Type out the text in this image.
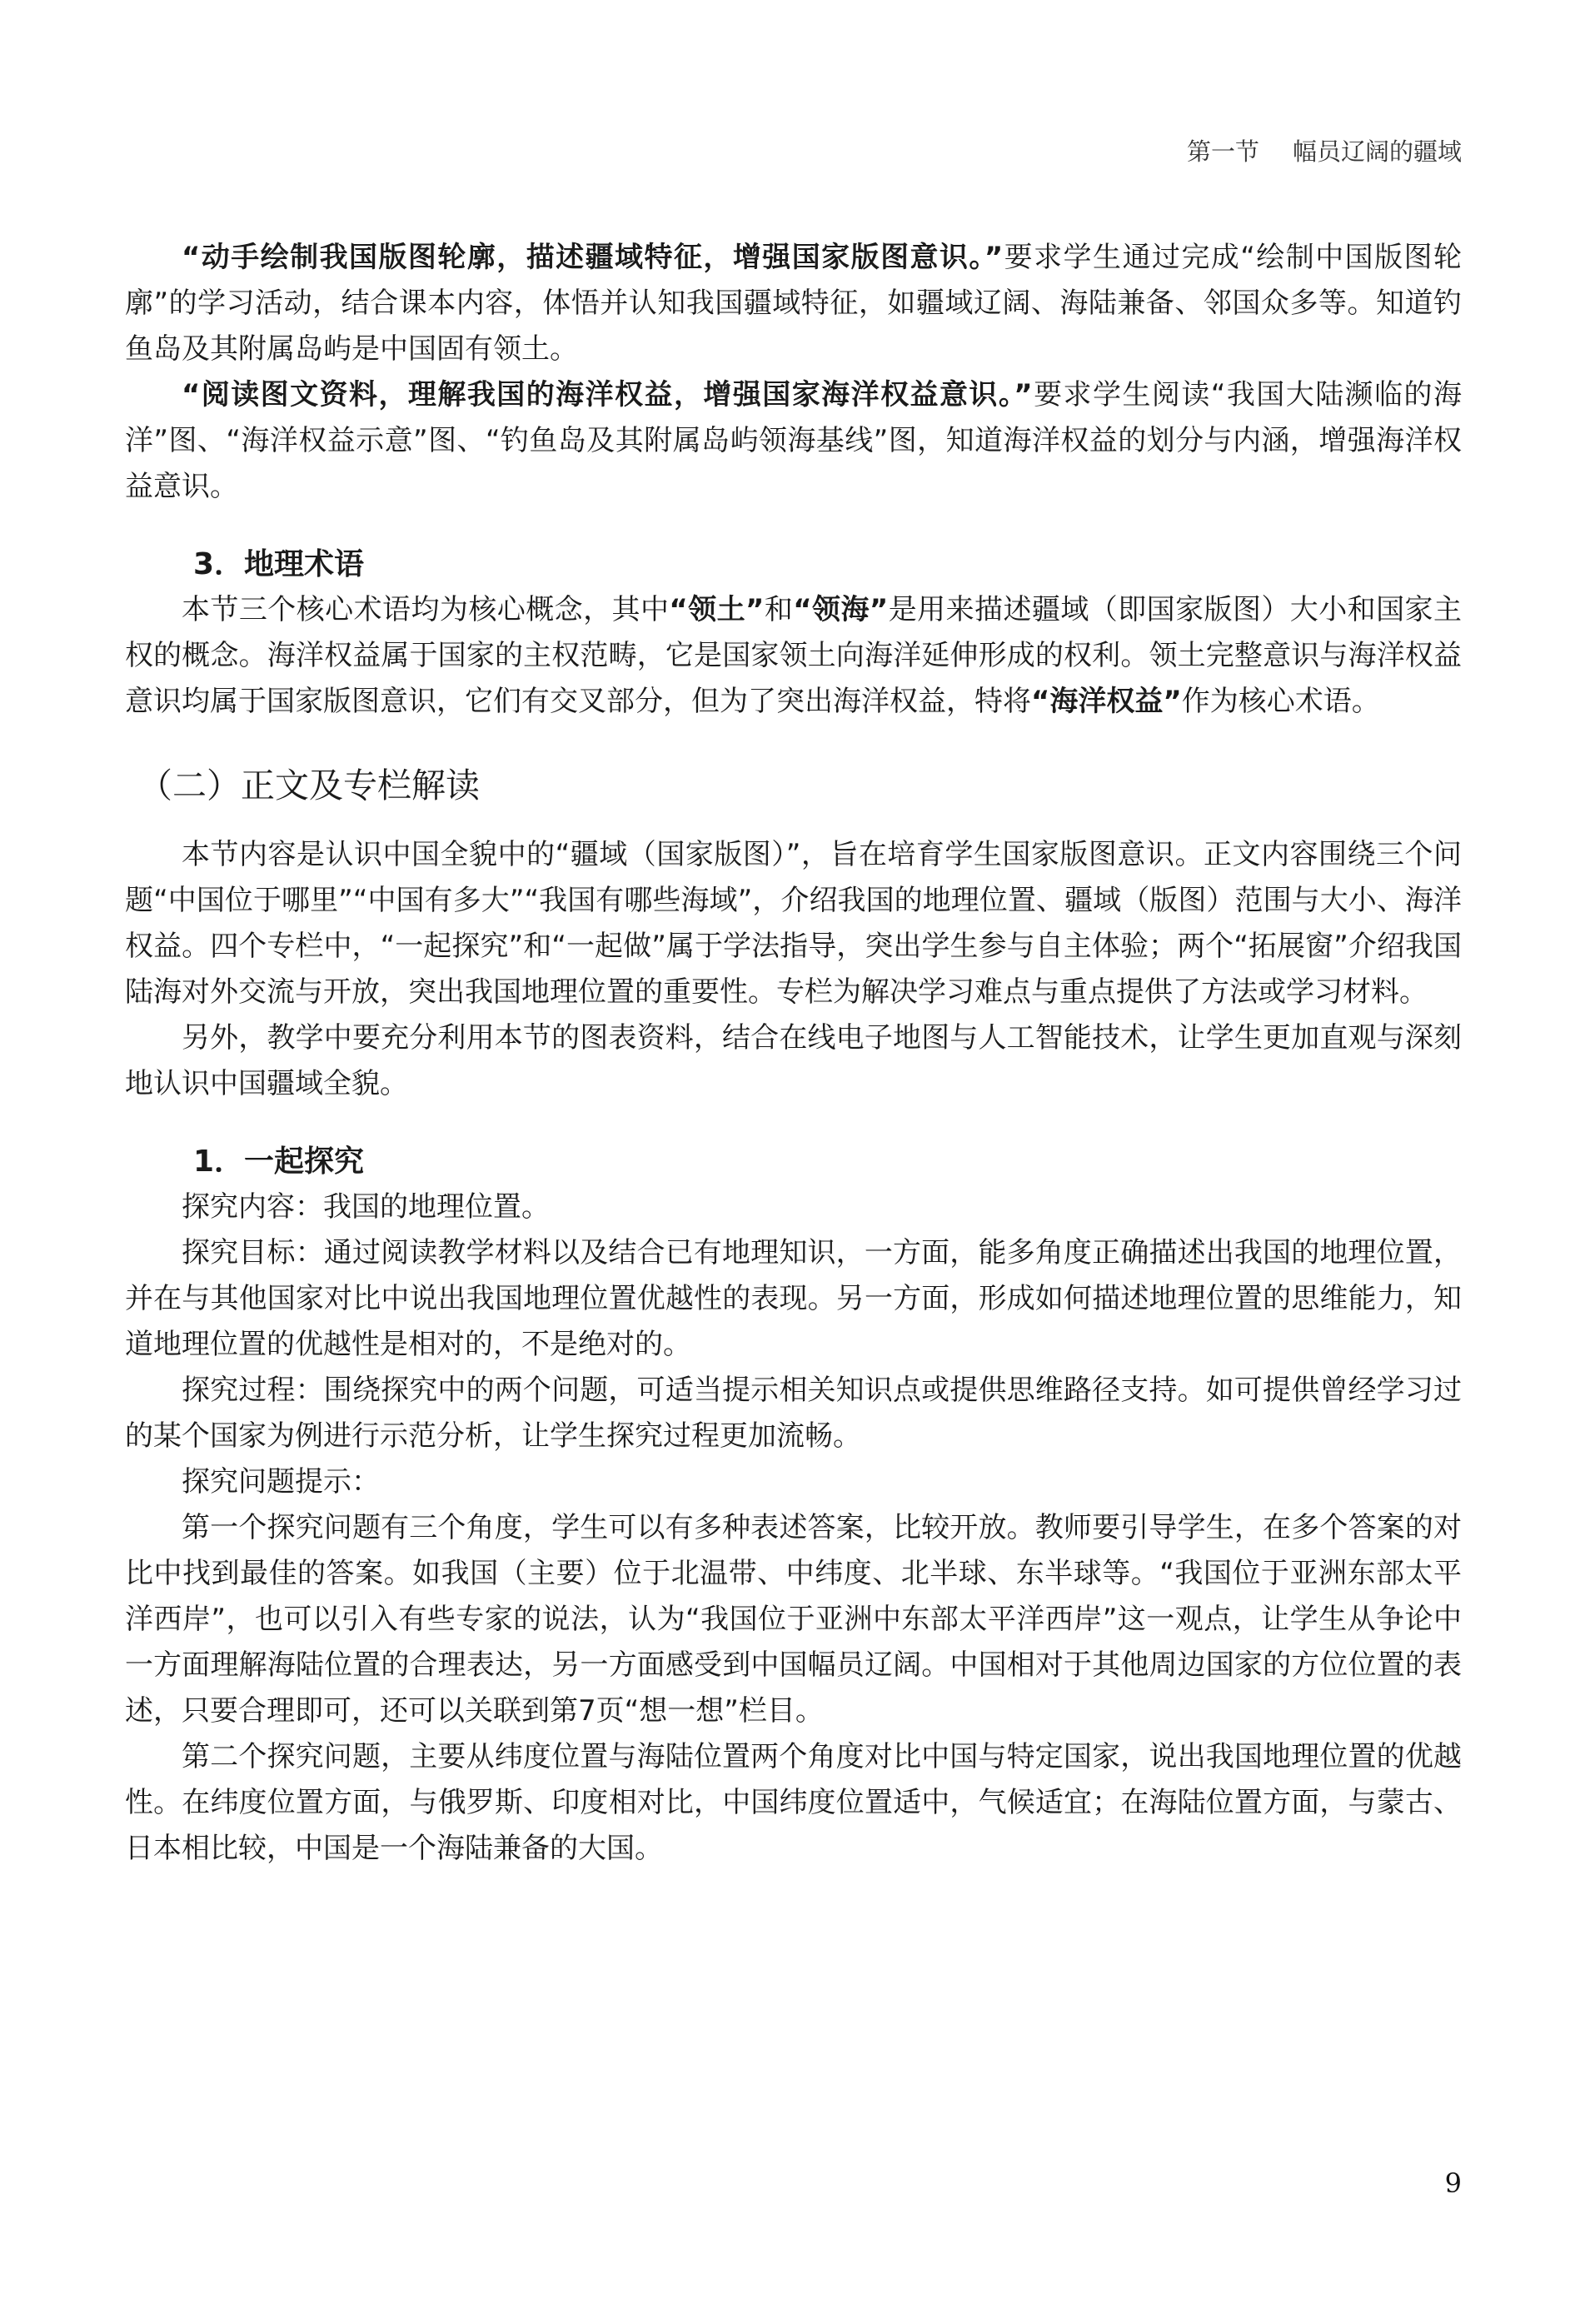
第一节 幅员辽阔的疆域

“动手绘制我国版图轮廓，描述疆域特征，增强国家版图意识。”要求学生通过完成“绘制中国版图轮廓”的学习活动，结合课本内容，体悟并认知我国疆域特征，如疆域辽阔、海陆兼备、邻国众多等。知道钓鱼岛及其附属岛屿是中国固有领土。

“阅读图文资料，理解我国的海洋权益，增强国家海洋权益意识。”要求学生阅读“我国大陆濒临的海洋”图、“海洋权益示意”图、“钓鱼岛及其附属岛屿领海基线”图，知道海洋权益的划分与内涵，增强海洋权益意识。

3．地理术语

本节三个核心术语均为核心概念，其中“领土”和“领海”是用来描述疆域（即国家版图）大小和国家主权的概念。海洋权益属于国家的主权范畴，它是国家领土向海洋延伸形成的权利。领土完整意识与海洋权益意识均属于国家版图意识，它们有交叉部分，但为了突出海洋权益，特将“海洋权益”作为核心术语。

（二）正文及专栏解读

本节内容是认识中国全貌中的“疆域（国家版图）”，旨在培育学生国家版图意识。正文内容围绕三个问题“中国位于哪里”“中国有多大”“我国有哪些海域”，介绍我国的地理位置、疆域（版图）范围与大小、海洋权益。四个专栏中，“一起探究”和“一起做”属于学法指导，突出学生参与自主体验；两个“拓展窗”介绍我国陆海对外交流与开放，突出我国地理位置的重要性。专栏为解决学习难点与重点提供了方法或学习材料。

另外，教学中要充分利用本节的图表资料，结合在线电子地图与人工智能技术，让学生更加直观与深刻地认识中国疆域全貌。

1．一起探究

探究内容：我国的地理位置。

探究目标：通过阅读教学材料以及结合已有地理知识，一方面，能多角度正确描述出我国的地理位置，并在与其他国家对比中说出我国地理位置优越性的表现。另一方面，形成如何描述地理位置的思维能力，知道地理位置的优越性是相对的，不是绝对的。

探究过程：围绕探究中的两个问题，可适当提示相关知识点或提供思维路径支持。如可提供曾经学习过的某个国家为例进行示范分析，让学生探究过程更加流畅。

探究问题提示：

第一个探究问题有三个角度，学生可以有多种表述答案，比较开放。教师要引导学生，在多个答案的对比中找到最佳的答案。如我国（主要）位于北温带、中纬度、北半球、东半球等。“我国位于亚洲东部太平洋西岸”，也可以引入有些专家的说法，认为“我国位于亚洲中东部太平洋西岸”这一观点，让学生从争论中一方面理解海陆位置的合理表达，另一方面感受到中国幅员辽阔。中国相对于其他周边国家的方位位置的表述，只要合理即可，还可以关联到第7页“想一想”栏目。

第二个探究问题，主要从纬度位置与海陆位置两个角度对比中国与特定国家，说出我国地理位置的优越性。在纬度位置方面，与俄罗斯、印度相对比，中国纬度位置适中，气候适宜；在海陆位置方面，与蒙古、日本相比较，中国是一个海陆兼备的大国。

9
